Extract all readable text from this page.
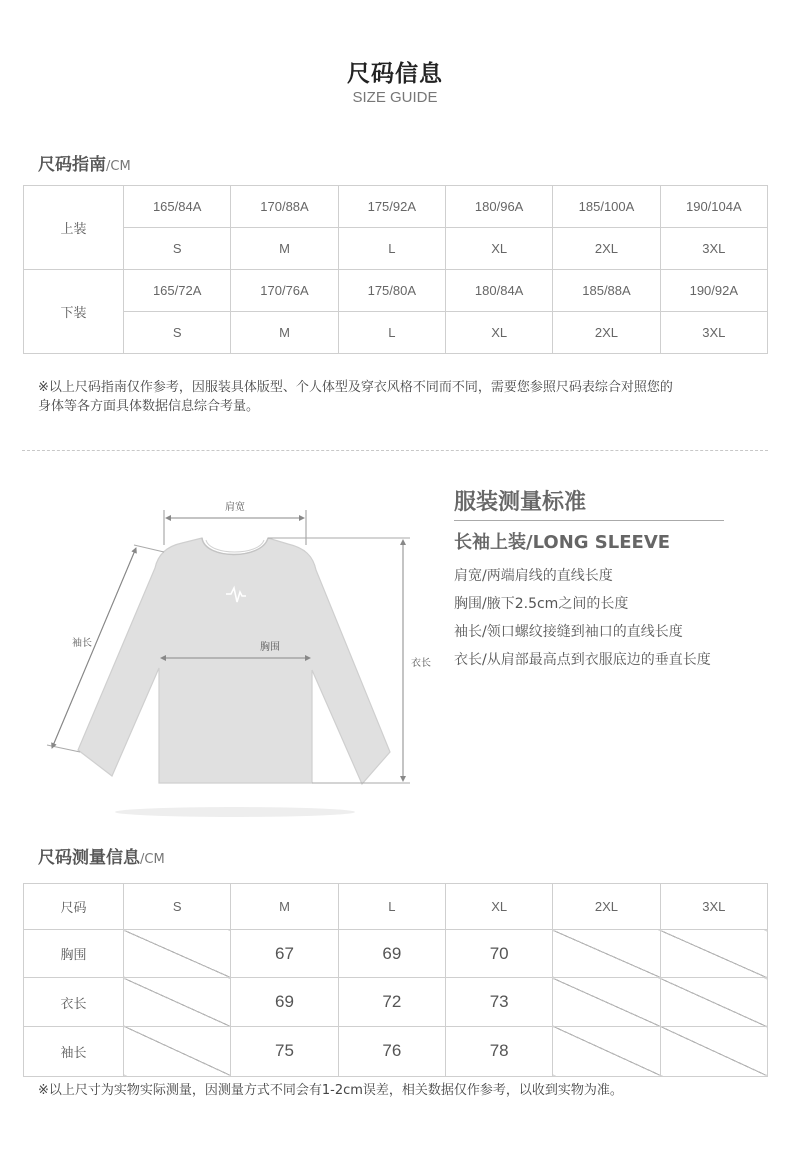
尺码信息
SIZE GUIDE
尺码指南/CM
上装	165/84A	170/88A	175/92A	180/96A	185/100A	190/104A
	S	M	L	XL	2XL	3XL
下装	165/72A	170/76A	175/80A	180/84A	185/88A	190/92A
	S	M	L	XL	2XL	3XL
※以上尺码指南仅作参考，因服装具体版型、个人体型及穿衣风格不同而不同，需要您参照尺码表综合对照您的
身体等各方面具体数据信息综合考量。
肩宽
袖长	胸围
衣长
服装测量标准
长袖上装/LONG SLEEVE
肩宽/两端肩线的直线长度
胸围/腋下2.5cm之间的长度
袖长/领口螺纹接缝到袖口的直线长度
衣长/从肩部最高点到衣服底边的垂直长度
尺码测量信息/CM
尺码	S	M	L	XL	2XL	3XL
胸围		67	69	70		
衣长		69	72	73		
袖长		75	76	78		
※以上尺寸为实物实际测量，因测量方式不同会有1-2cm误差，相关数据仅作参考，以收到实物为准。
